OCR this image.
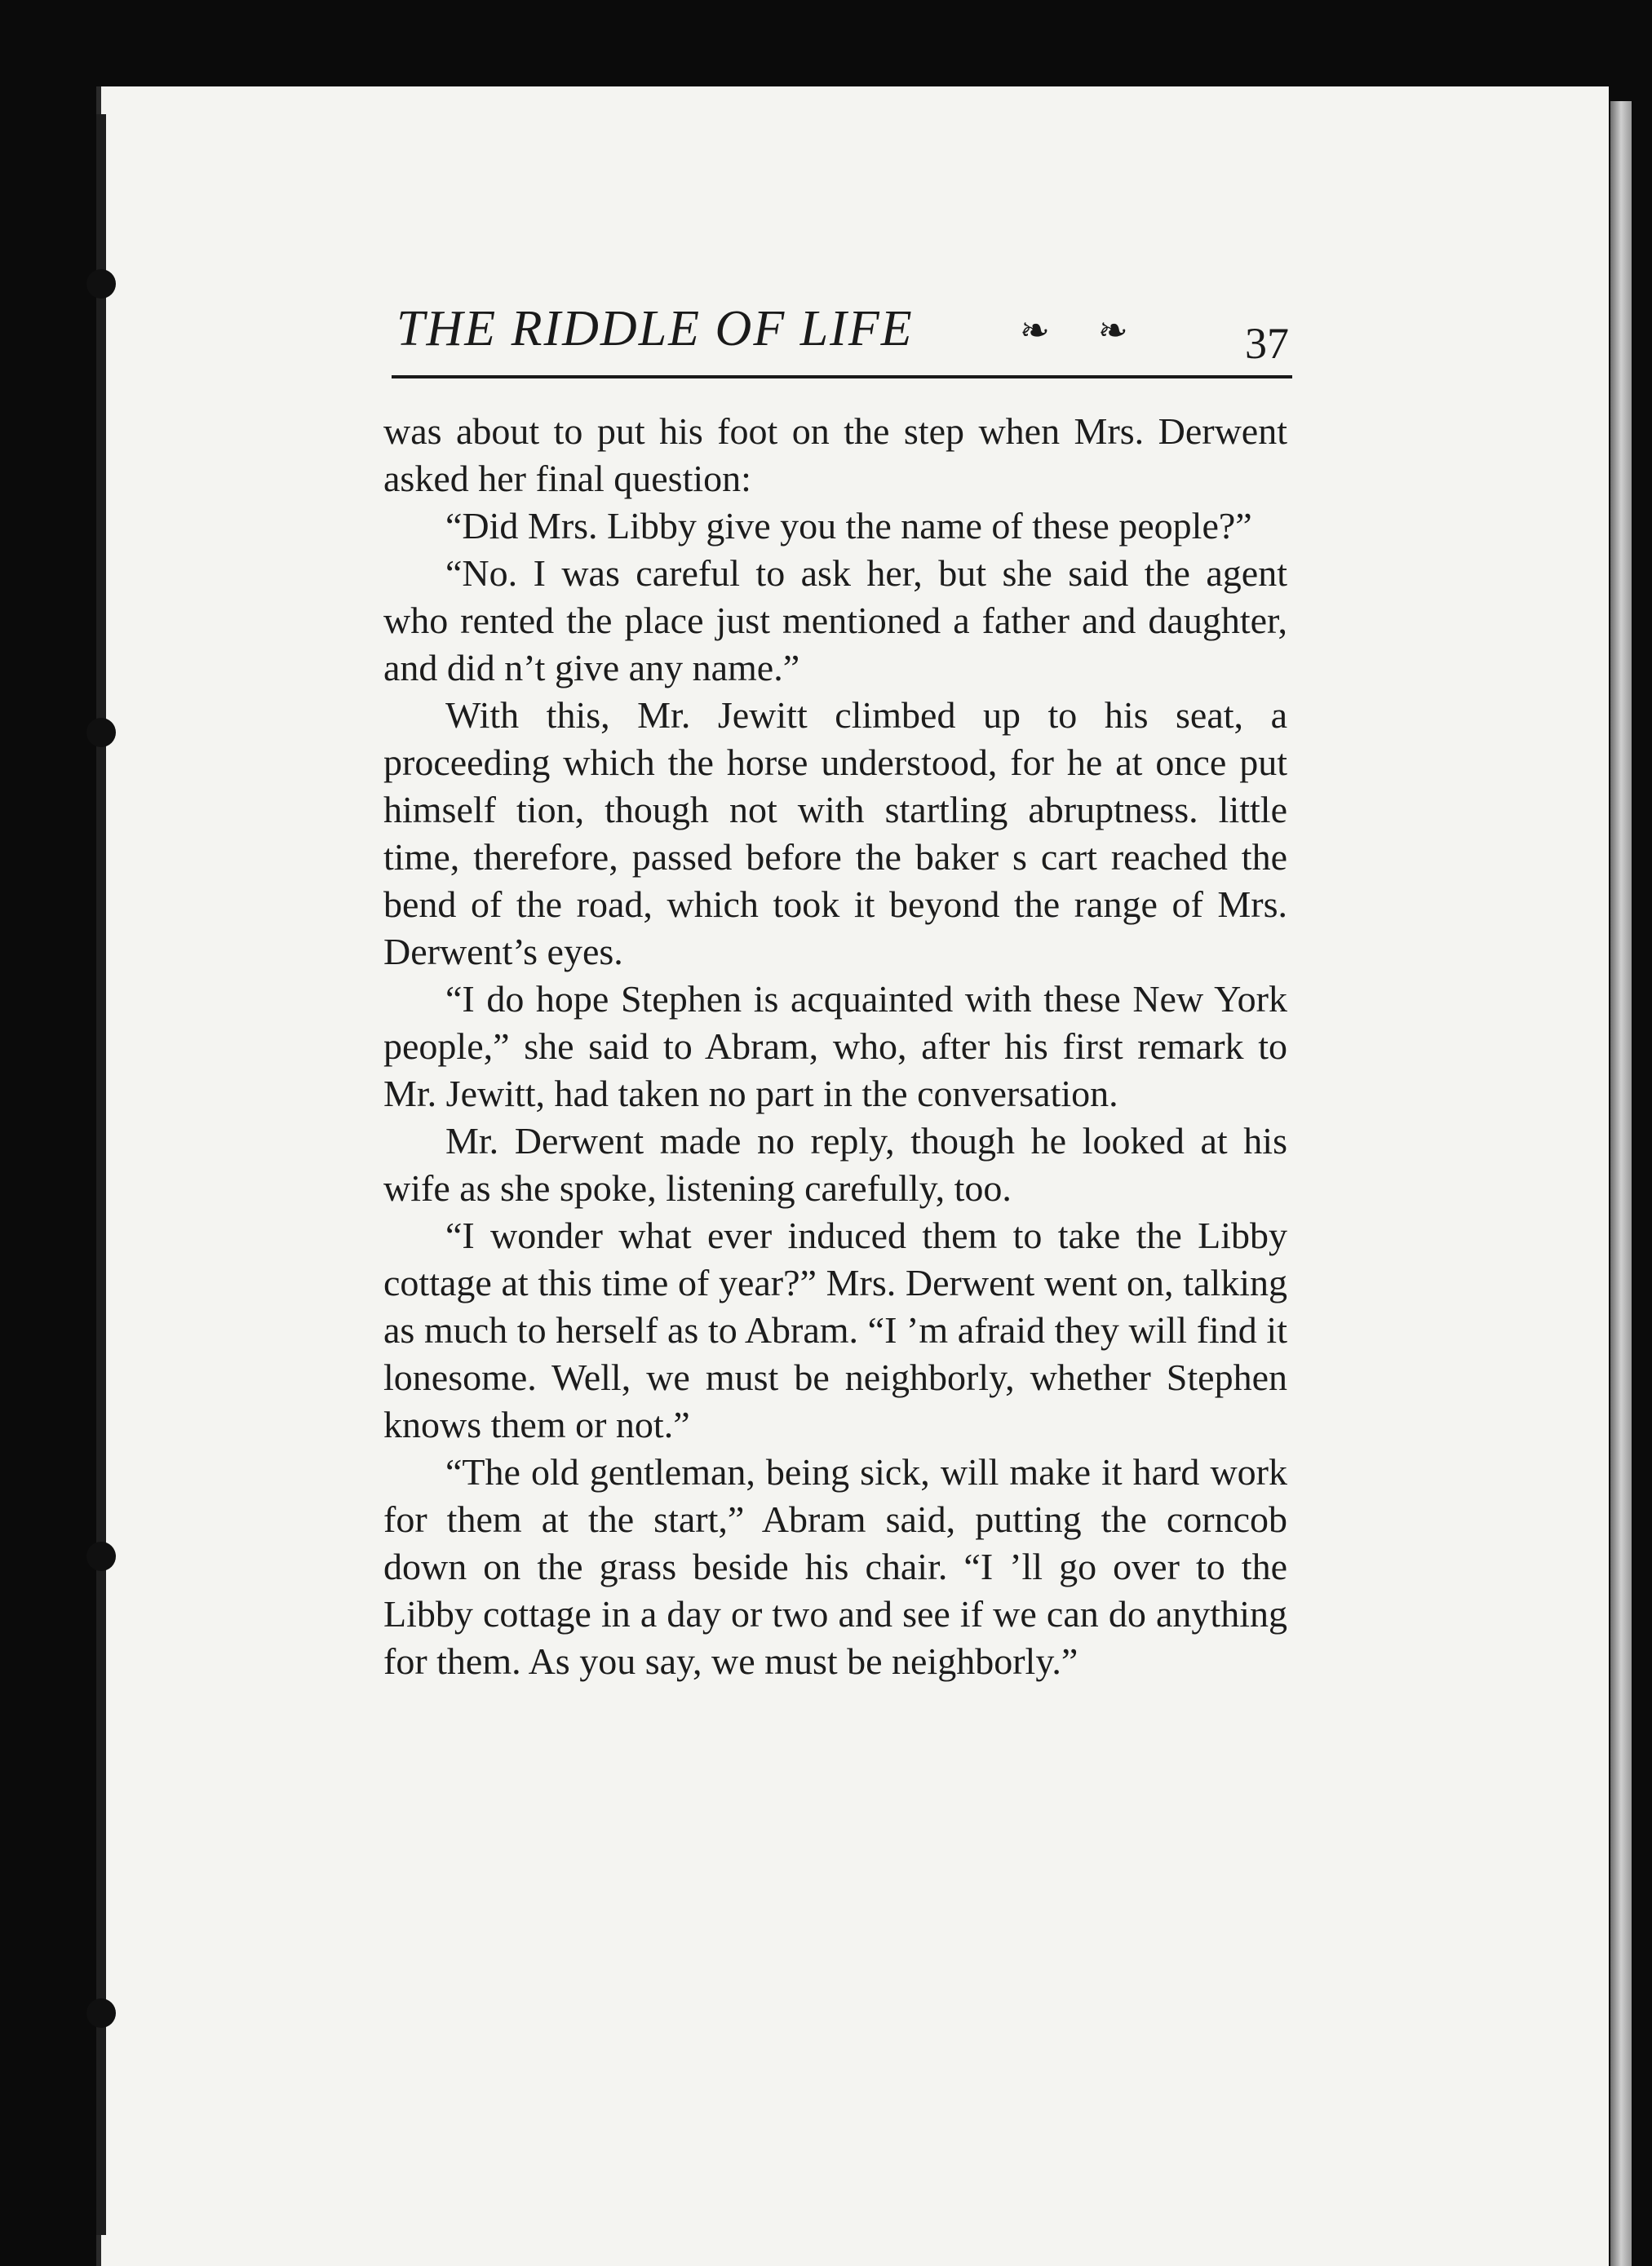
THE RIDDLE OF LIFE	❧ ❧ 37

was about to put his foot on the step when Mrs. Derwent asked her final question:

“Did Mrs. Libby give you the name of these people?”

“No. I was careful to ask her, but she said the agent who rented the place just mentioned a father and daughter, and did n’t give any name.”

With this, Mr. Jewitt climbed up to his seat, a proceeding which the horse understood, for he at once put himself tion, though not with startling abruptness. little time, therefore, passed before the baker s cart reached the bend of the road, which took it beyond the range of Mrs. Derwent’s eyes.

“I do hope Stephen is acquainted with these New York people,” she said to Abram, who, after his first remark to Mr. Jewitt, had taken no part in the conversation.

Mr. Derwent made no reply, though he looked at his wife as she spoke, listening carefully, too.

“I wonder what ever induced them to take the Libby cottage at this time of year?” Mrs. Derwent went on, talking as much to herself as to Abram. “I ’m afraid they will find it lonesome. Well, we must be neighborly, whether Stephen knows them or not.”

“The old gentleman, being sick, will make it hard work for them at the start,” Abram said, putting the corncob down on the grass beside his chair. “I ’ll go over to the Libby cottage in a day or two and see if we can do anything for them. As you say, we must be neighborly.”
